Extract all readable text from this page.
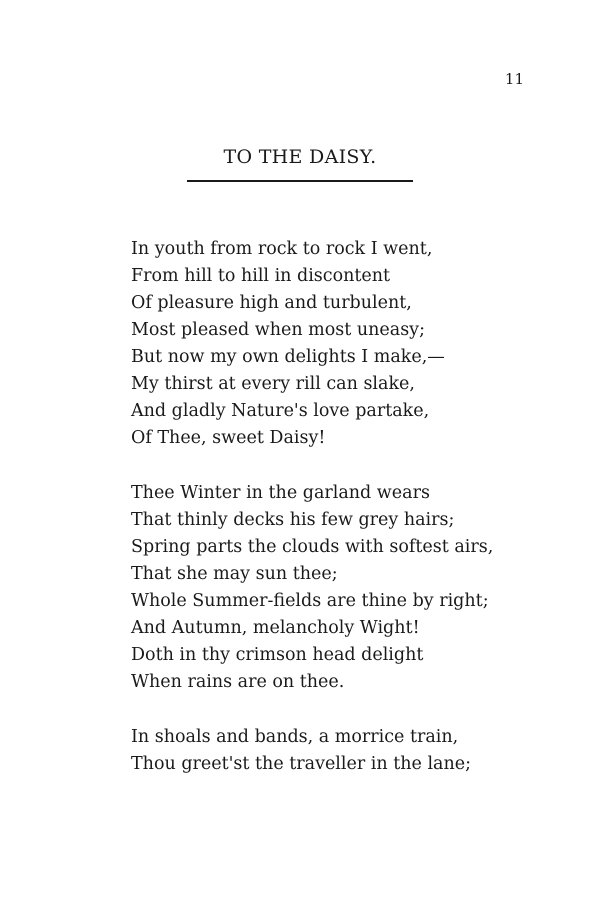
11
TO THE DAISY.
In youth from rock to rock I went,
From hill to hill in discontent
Of pleasure high and turbulent,
Most pleased when most uneasy;
But now my own delights I make,—
My thirst at every rill can slake,
And gladly Nature's love partake,
Of Thee, sweet Daisy!
Thee Winter in the garland wears
That thinly decks his few grey hairs;
Spring parts the clouds with softest airs,
That she may sun thee;
Whole Summer-fields are thine by right;
And Autumn, melancholy Wight!
Doth in thy crimson head delight
When rains are on thee.
In shoals and bands, a morrice train,
Thou greet'st the traveller in the lane;
